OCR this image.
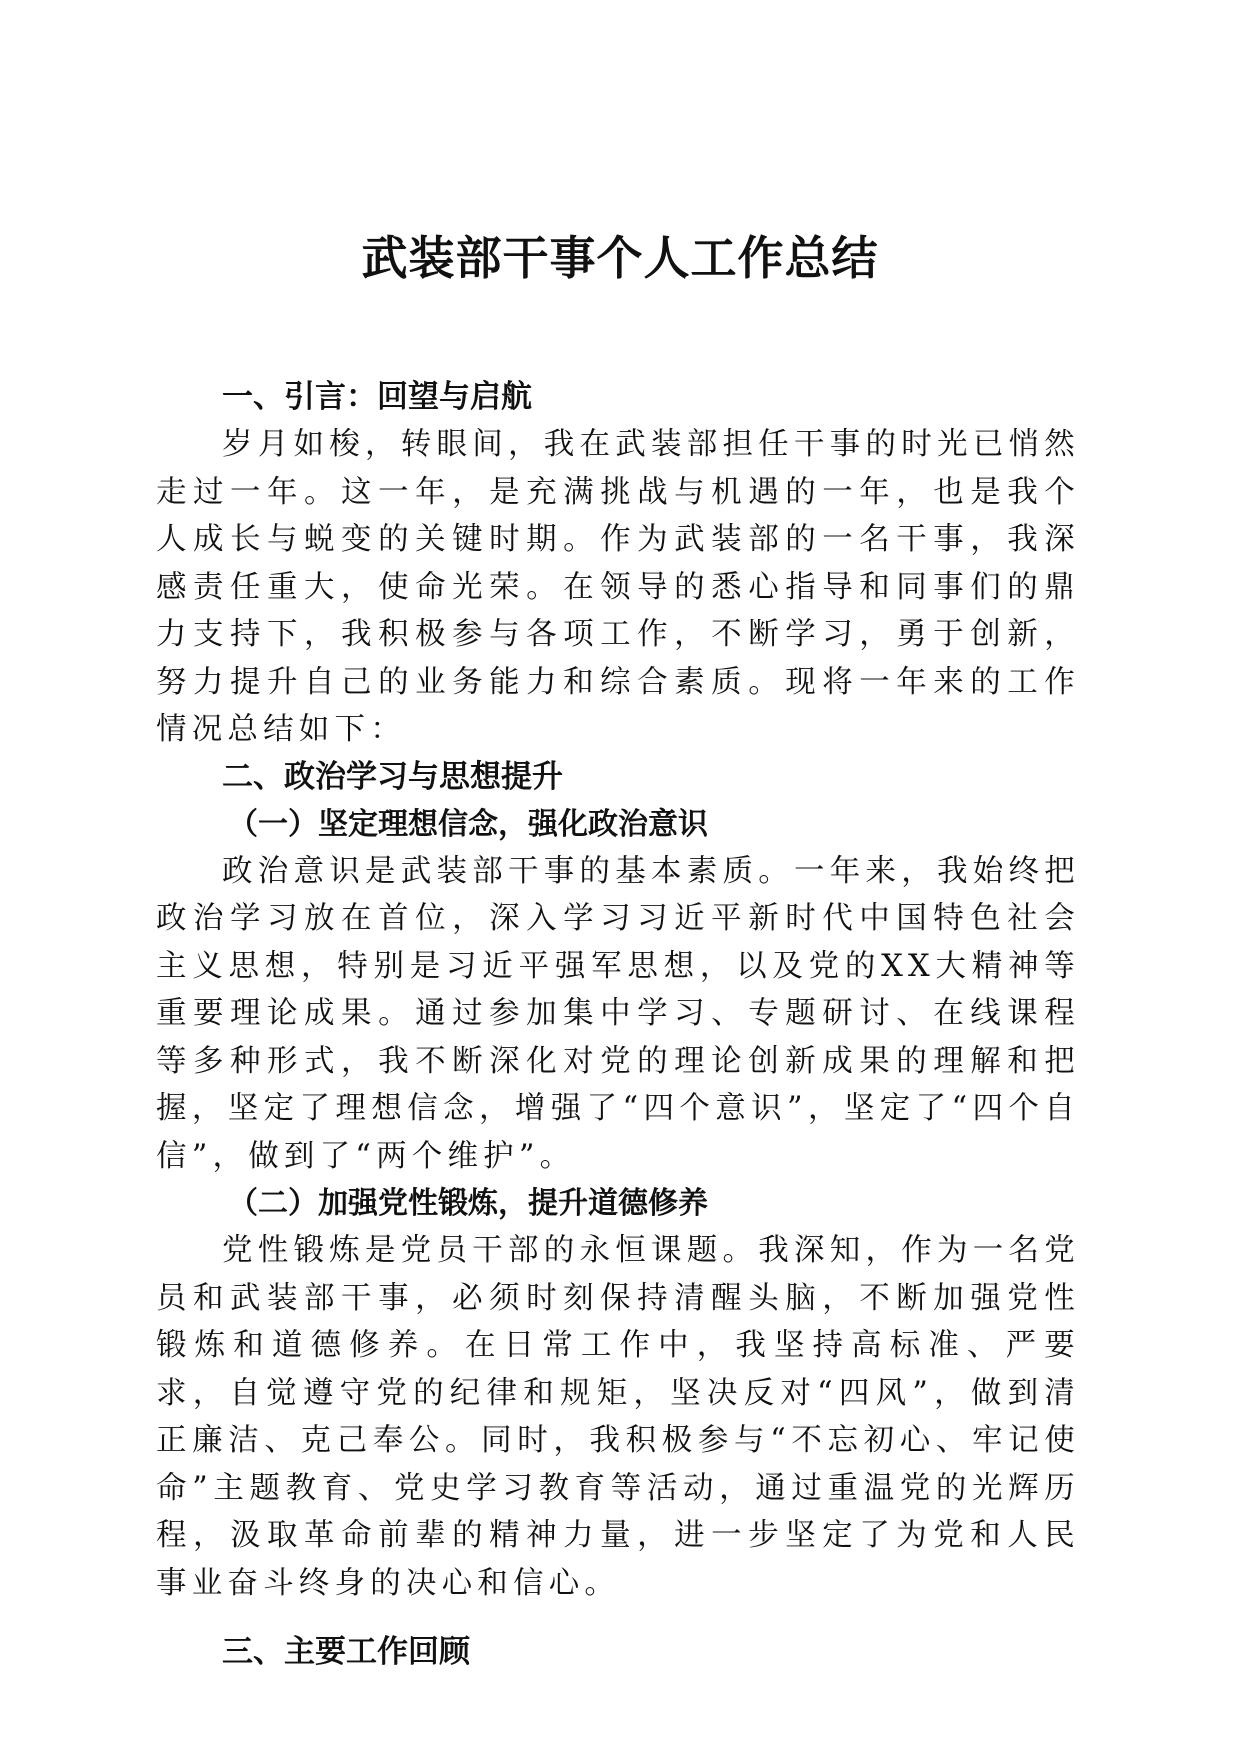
武装部干事个人工作总结

一、引言：回望与启航

岁月如梭，转眼间，我在武装部担任干事的时光已悄然走过一年。这一年，是充满挑战与机遇的一年，也是我个人成长与蜕变的关键时期。作为武装部的一名干事，我深感责任重大，使命光荣。在领导的悉心指导和同事们的鼎力支持下，我积极参与各项工作，不断学习，勇于创新，努力提升自己的业务能力和综合素质。现将一年来的工作情况总结如下：

二、政治学习与思想提升

（一）坚定理想信念，强化政治意识

政治意识是武装部干事的基本素质。一年来，我始终把政治学习放在首位，深入学习习近平新时代中国特色社会主义思想，特别是习近平强军思想，以及党的XX大精神等重要理论成果。通过参加集中学习、专题研讨、在线课程等多种形式，我不断深化对党的理论创新成果的理解和把握，坚定了理想信念，增强了“四个意识”，坚定了“四个自信”，做到了“两个维护”。

（二）加强党性锻炼，提升道德修养

党性锻炼是党员干部的永恒课题。我深知，作为一名党员和武装部干事，必须时刻保持清醒头脑，不断加强党性锻炼和道德修养。在日常工作中，我坚持高标准、严要求，自觉遵守党的纪律和规矩，坚决反对“四风”，做到清正廉洁、克己奉公。同时，我积极参与“不忘初心、牢记使命”主题教育、党史学习教育等活动，通过重温党的光辉历程，汲取革命前辈的精神力量，进一步坚定了为党和人民事业奋斗终身的决心和信心。

三、主要工作回顾
